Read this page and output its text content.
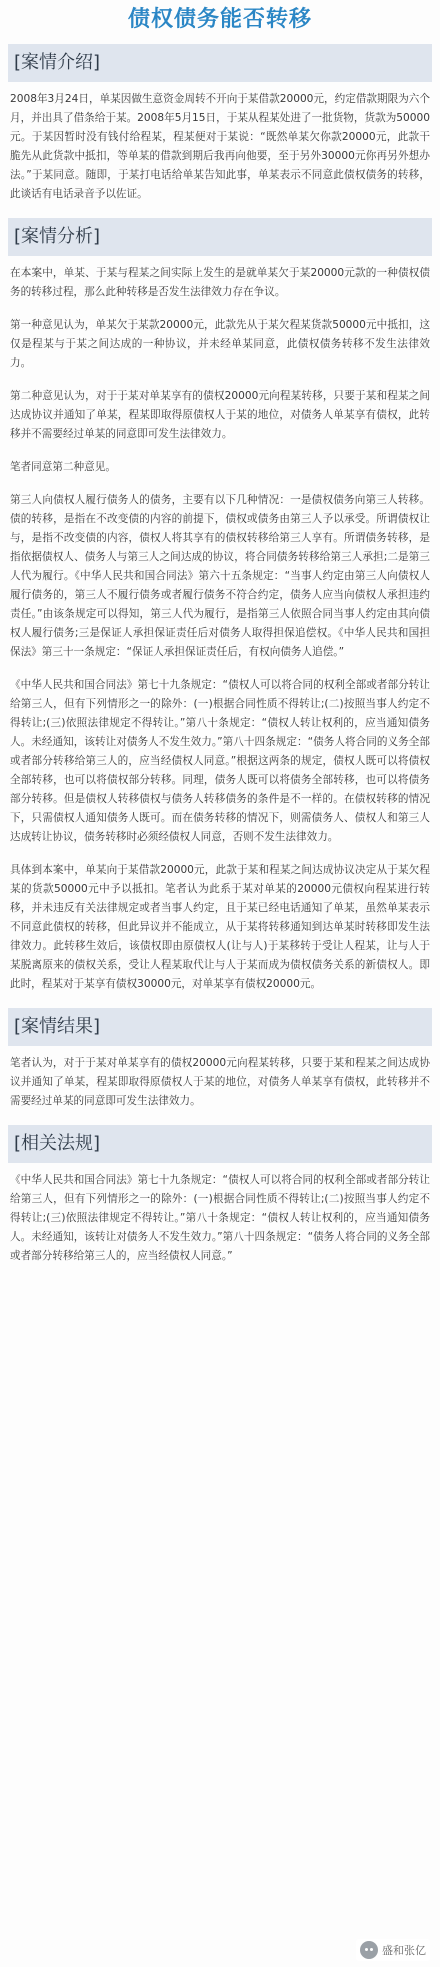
债权债务能否转移
[案情介绍]

2008年3月24日，单某因做生意资金周转不开向于某借款20000元，约定借款期限为六个月，并出具了借条给于某。2008年5月15日，于某从程某处进了一批货物，货款为50000元。于某因暂时没有钱付给程某，程某便对于某说：“既然单某欠你款20000元，此款干脆先从此货款中抵扣，等单某的借款到期后我再向他要，至于另外30000元你再另外想办法。”于某同意。随即，于某打电话给单某告知此事，单某表示不同意此债权债务的转移，此谈话有电话录音予以佐证。

[案情分析]

在本案中，单某、于某与程某之间实际上发生的是就单某欠于某20000元款的一种债权债务的转移过程，那么此种转移是否发生法律效力存在争议。

第一种意见认为，单某欠于某款20000元，此款先从于某欠程某货款50000元中抵扣，这仅是程某与于某之间达成的一种协议，并未经单某同意，此债权债务转移不发生法律效力。

第二种意见认为，对于于某对单某享有的债权20000元向程某转移，只要于某和程某之间达成协议并通知了单某，程某即取得原债权人于某的地位，对债务人单某享有债权，此转移并不需要经过单某的同意即可发生法律效力。

笔者同意第二种意见。

第三人向债权人履行债务人的债务，主要有以下几种情况：一是债权债务向第三人转移。债的转移，是指在不改变债的内容的前提下，债权或债务由第三人予以承受。所谓债权让与，是指不改变债的内容，债权人将其享有的债权转移给第三人享有。所谓债务转移，是指依据债权人、债务人与第三人之间达成的协议，将合同债务转移给第三人承担;二是第三人代为履行。《中华人民共和国合同法》第六十五条规定：“当事人约定由第三人向债权人履行债务的，第三人不履行债务或者履行债务不符合约定，债务人应当向债权人承担违约责任。”由该条规定可以得知，第三人代为履行，是指第三人依照合同当事人约定由其向债权人履行债务;三是保证人承担保证责任后对债务人取得担保追偿权。《中华人民共和国担保法》第三十一条规定：“保证人承担保证责任后，有权向债务人追偿。”

《中华人民共和国合同法》第七十九条规定：“债权人可以将合同的权利全部或者部分转让给第三人，但有下列情形之一的除外：(一)根据合同性质不得转让;(二)按照当事人约定不得转让;(三)依照法律规定不得转让。”第八十条规定：“债权人转让权利的，应当通知债务人。未经通知，该转让对债务人不发生效力。”第八十四条规定：“债务人将合同的义务全部或者部分转移给第三人的，应当经债权人同意。”根据这两条的规定，债权人既可以将债权全部转移，也可以将债权部分转移。同理，债务人既可以将债务全部转移，也可以将债务部分转移。但是债权人转移债权与债务人转移债务的条件是不一样的。在债权转移的情况下，只需债权人通知债务人既可。而在债务转移的情况下，则需债务人、债权人和第三人达成转让协议，债务转移时必须经债权人同意，否则不发生法律效力。

具体到本案中，单某向于某借款20000元，此款于某和程某之间达成协议决定从于某欠程某的货款50000元中予以抵扣。笔者认为此系于某对单某的20000元债权向程某进行转移，并未违反有关法律规定或者当事人约定，且于某已经电话通知了单某，虽然单某表示不同意此债权的转移，但此异议并不能成立，从于某将转移通知到达单某时转移即发生法律效力。此转移生效后，该债权即由原债权人(让与人)于某移转于受让人程某，让与人于某脱离原来的债权关系，受让人程某取代让与人于某而成为债权债务关系的新债权人。即此时，程某对于某享有债权30000元，对单某享有债权20000元。

[案情结果]

笔者认为，对于于某对单某享有的债权20000元向程某转移，只要于某和程某之间达成协议并通知了单某，程某即取得原债权人于某的地位，对债务人单某享有债权，此转移并不需要经过单某的同意即可发生法律效力。

[相关法规]

《中华人民共和国合同法》第七十九条规定：“债权人可以将合同的权利全部或者部分转让给第三人，但有下列情形之一的除外：(一)根据合同性质不得转让;(二)按照当事人约定不得转让;(三)依照法律规定不得转让。”第八十条规定：“债权人转让权利的，应当通知债务人。未经通知，该转让对债务人不发生效力。”第八十四条规定：“债务人将合同的义务全部或者部分转移给第三人的，应当经债权人同意。”

盛和张亿
